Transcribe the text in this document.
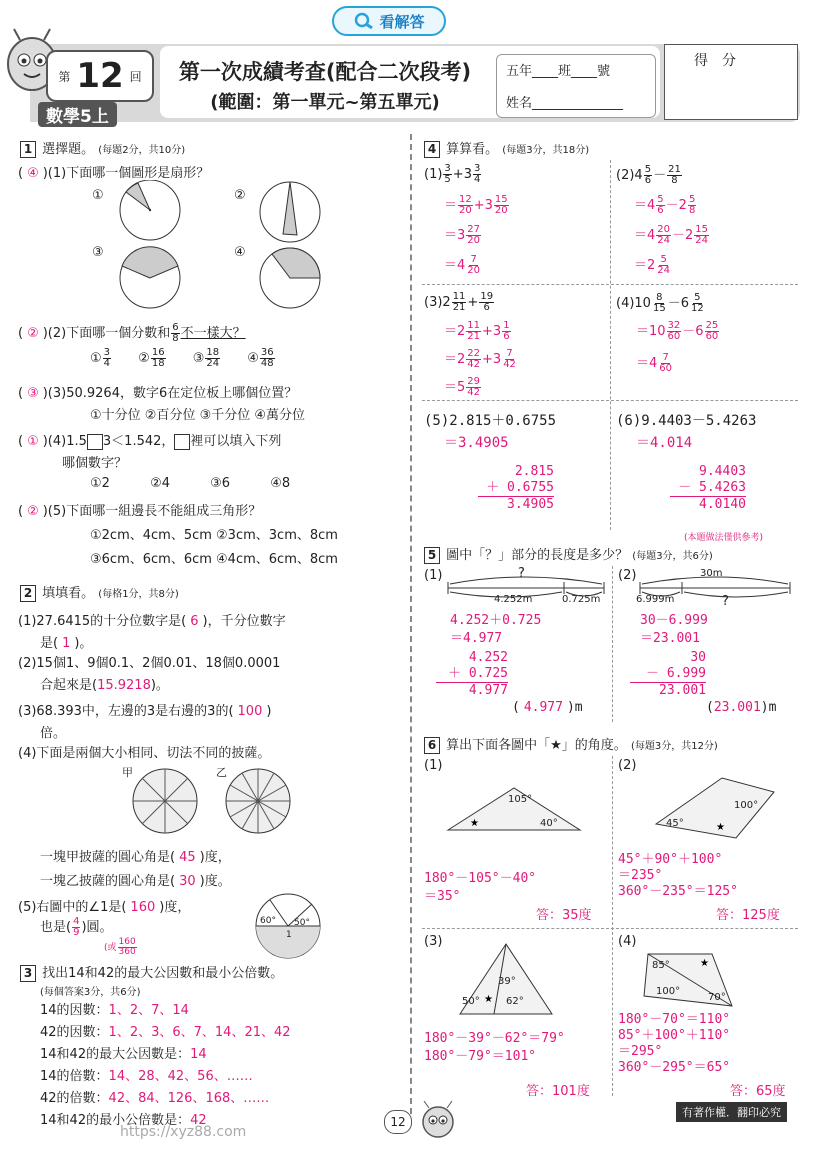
看解答
第 12 回
數學5上
第一次成績考查(配合二次段考)
(範圍：第一單元~第五單元)
五年____班____號
姓名______________
得　分
1 選擇題。 (每題2分，共10分)
( ④ )(1)下面哪一個圖形是扇形？
①	②
③	④
( ② )(2)下面哪一個分數和 $\frac{6}{8}$ 不一樣大？
① $\frac{3}{4}$ ② $\frac{16}{18}$ ③ $\frac{18}{24}$ ④ $\frac{36}{48}$
( ③ )(3)50.9264，數字6在定位板上哪個位置？
①十分位 ②百分位 ③千分位 ④萬分位
( ① )(4)1.5 3＜1.542， 裡可以填入下列
哪個數字？
①2	②4	③6	④8
( ② )(5)下面哪一組邊長不能組成三角形？
①2cm、4cm、5cm ②3cm、3cm、8cm
③6cm、6cm、6cm ④4cm、6cm、8cm
2 填填看。 (每格1分，共8分)
(1)27.6415的十分位數字是( 6 )，千分位數字
是( 1 )。
(2)15個1、9個0.1、2個0.01、18個0.0001
合起來是(15.9218)。
(3)68.393中，左邊的3是右邊的3的( 100 )
倍。
(4)下面是兩個大小相同、切法不同的披薩。
甲	乙
一塊甲披薩的圓心角是( 45 )度，
一塊乙披薩的圓心角是( 30 )度。
(5)右圖中的∠1是( 160 )度，
也是( $\frac{4}{9}$ )圓。
(或 $\frac{160}{360}$
60° 50°
1
3 找出14和42的最大公因數和最小公倍數。
(每個答案3分，共6分)
14的因數：1、2、7、14
42的因數：1、2、3、6、7、14、21、42
14和42的最大公因數是：14
14的倍數：14、28、42、56、……
42的倍數：42、84、126、168、……
14和42的最小公倍數是：42
4 算算看。 (每題3分，共18分)
$(1) \frac{3}{5} +3 \frac{3}{4}$
＝ $\frac{12}{20} +3 \frac{15}{20}$
$=3 \frac{27}{20}$
$=4 \frac{7}{20}$
$(2)4 \frac{5}{6} - \frac{21}{8}$
$=4 \frac{5}{6} -2 \frac{5}{8}$
$=4 \frac{20}{24} -2 \frac{15}{24}$
$=2 \frac{5}{24}$
$(3)2 \frac{11}{21} + \frac{19}{6}$
$=2 \frac{11}{21} +3 \frac{1}{6}$
$=2 \frac{22}{42} +3 \frac{7}{42}$
$=5 \frac{29}{42}$
$(4)10 \frac{8}{15} -6 \frac{5}{12}$
$=10 \frac{32}{60} -6 \frac{25}{60}$
$=4 \frac{7}{60}$
(5)2.815＋0.6755
＝3.4905
2.815
＋ 0.6755
3.4905
(6)9.4403－5.4263
＝4.014
9.4403
－ 5.4263
4.0140
(本題做法僅供參考)
5 圖中「？」部分的長度是多少？ (每題3分，共6分)
(1)	?
4.252m	0.725m
4.252＋0.725
＝4.977
4.252
＋ 0.725
4.977
( 4.977 )m
(2)	30m
6.999m	?
30－6.999
＝23.001
30
－ 6.999
23.001
(23.001)m
6 算出下面各圖中「★」的角度。 (每題3分，共12分)
(1)
★
105°
40°
180°－105°－40°
＝35°
答：35度
(2)
★
100°
45°
45°＋90°＋100°
＝235°
360°－235°＝125°
答：125度
(3)
★
39°
62°
50°
180°－39°－62°＝79°
180°－79°＝101°
答：101度
(4)
★
85°
100°
70°
180°－70°＝110°
85°＋100°＋110°
＝295°
360°－295°＝65°
答：65度
12
有著作權．翻印必究
https://xyz88.com
